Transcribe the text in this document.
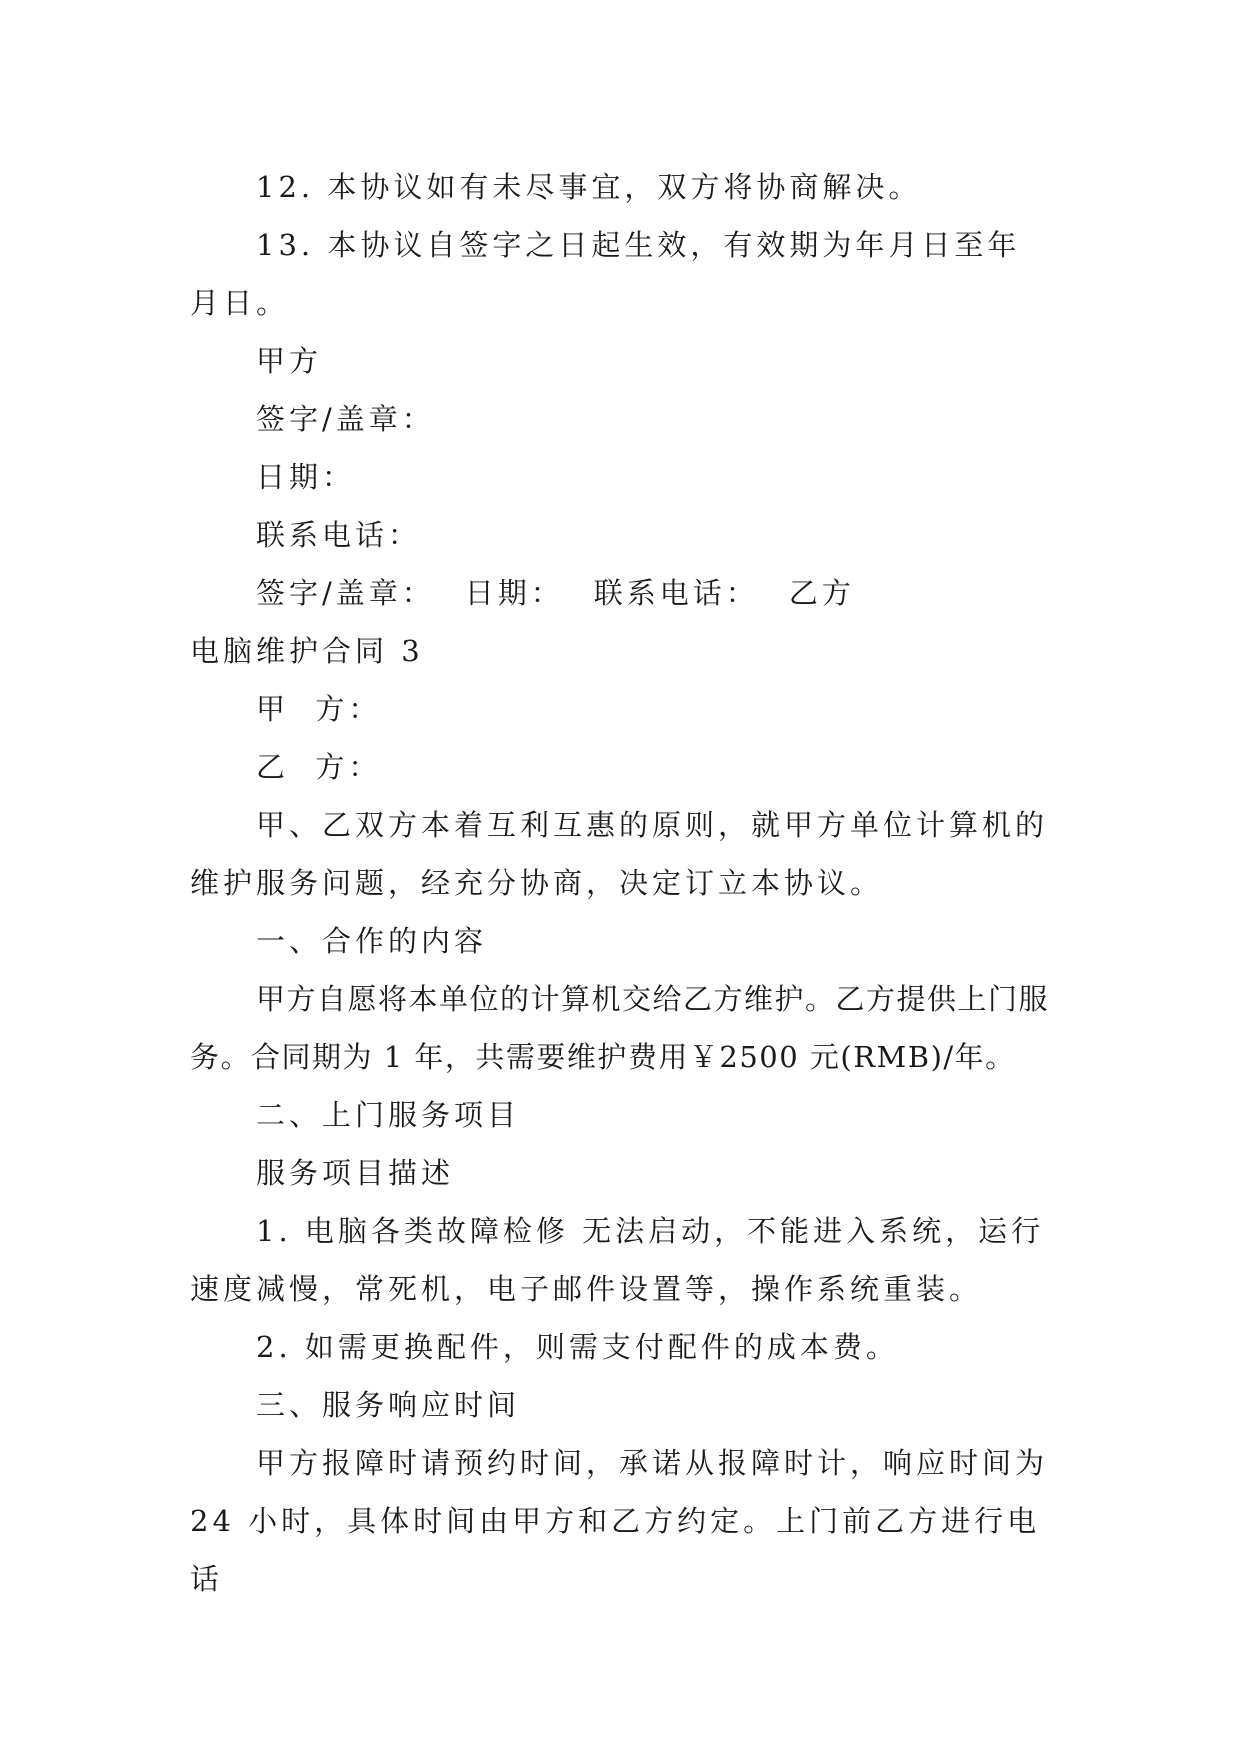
12. 本协议如有未尽事宜，双方将协商解决。

13. 本协议自签字之日起生效，有效期为年月日至年月日。

甲方

签字/盖章：

日期：

联系电话：

签字/盖章： 日期： 联系电话： 乙方

电脑维护合同 3

甲  方：

乙  方：

甲、乙双方本着互利互惠的原则，就甲方单位计算机的维护服务问题，经充分协商，决定订立本协议。

一、合作的内容

甲方自愿将本单位的计算机交给乙方维护。乙方提供上门服务。合同期为 1 年，共需要维护费用￥2500 元(RMB)/年。

二、上门服务项目

服务项目描述

1. 电脑各类故障检修 无法启动，不能进入系统，运行速度减慢，常死机，电子邮件设置等，操作系统重装。

2. 如需更换配件，则需支付配件的成本费。

三、服务响应时间

甲方报障时请预约时间，承诺从报障时计，响应时间为 24 小时，具体时间由甲方和乙方约定。上门前乙方进行电话
